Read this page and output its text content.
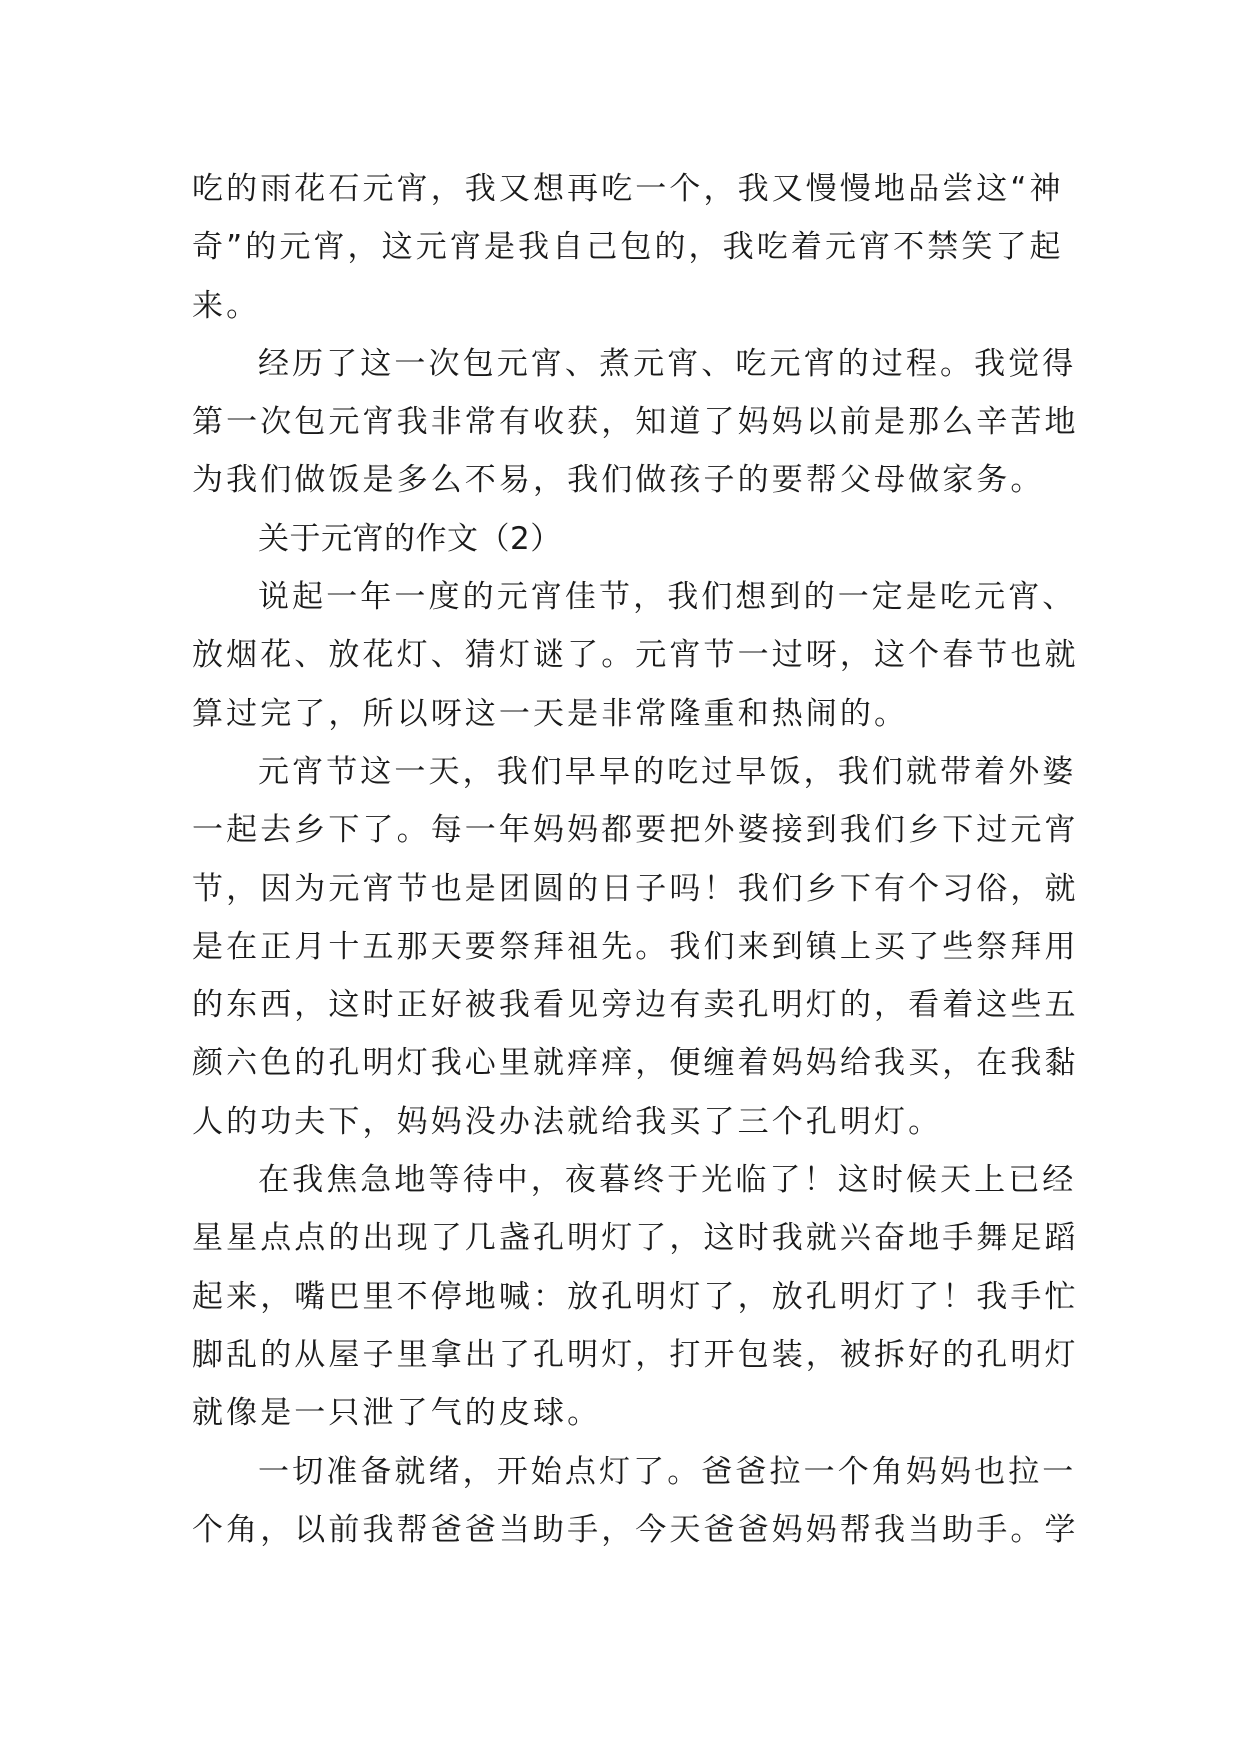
吃的雨花石元宵，我又想再吃一个，我又慢慢地品尝这“神
奇”的元宵，这元宵是我自己包的，我吃着元宵不禁笑了起
来。
经历了这一次包元宵、煮元宵、吃元宵的过程。我觉得
第一次包元宵我非常有收获，知道了妈妈以前是那么辛苦地
为我们做饭是多么不易，我们做孩子的要帮父母做家务。
关于元宵的作文（2）
说起一年一度的元宵佳节，我们想到的一定是吃元宵、
放烟花、放花灯、猜灯谜了。元宵节一过呀，这个春节也就
算过完了，所以呀这一天是非常隆重和热闹的。
元宵节这一天，我们早早的吃过早饭，我们就带着外婆
一起去乡下了。每一年妈妈都要把外婆接到我们乡下过元宵
节，因为元宵节也是团圆的日子吗！我们乡下有个习俗，就
是在正月十五那天要祭拜祖先。我们来到镇上买了些祭拜用
的东西，这时正好被我看见旁边有卖孔明灯的，看着这些五
颜六色的孔明灯我心里就痒痒，便缠着妈妈给我买，在我黏
人的功夫下，妈妈没办法就给我买了三个孔明灯。
在我焦急地等待中，夜暮终于光临了！这时候天上已经
星星点点的出现了几盏孔明灯了，这时我就兴奋地手舞足蹈
起来，嘴巴里不停地喊：放孔明灯了，放孔明灯了！我手忙
脚乱的从屋子里拿出了孔明灯，打开包装，被拆好的孔明灯
就像是一只泄了气的皮球。
一切准备就绪，开始点灯了。爸爸拉一个角妈妈也拉一
个角，以前我帮爸爸当助手，今天爸爸妈妈帮我当助手。学
